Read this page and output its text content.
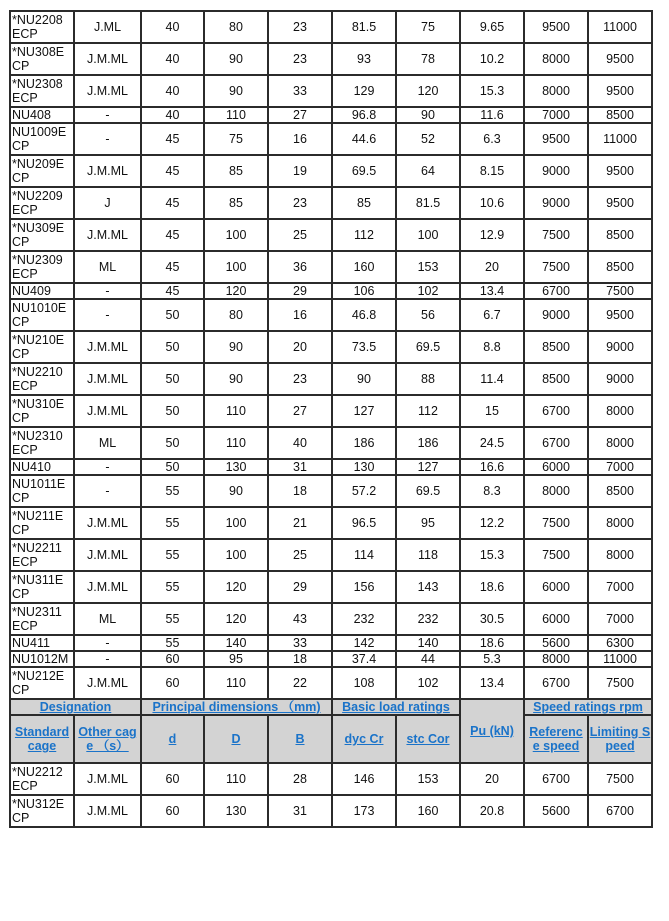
*NU2208 ECP	J.ML	40	80	23	81.5	75	9.65	9500	11000
*NU308E CP	J.M.ML	40	90	23	93	78	10.2	8000	9500
*NU2308 ECP	J.M.ML	40	90	33	129	120	15.3	8000	9500
NU408	-	40	110	27	96.8	90	11.6	7000	8500
NU1009E CP	-	45	75	16	44.6	52	6.3	9500	11000
*NU209E CP	J.M.ML	45	85	19	69.5	64	8.15	9000	9500
*NU2209 ECP	J	45	85	23	85	81.5	10.6	9000	9500
*NU309E CP	J.M.ML	45	100	25	112	100	12.9	7500	8500
*NU2309 ECP	ML	45	100	36	160	153	20	7500	8500
NU409	-	45	120	29	106	102	13.4	6700	7500
NU1010E CP	-	50	80	16	46.8	56	6.7	9000	9500
*NU210E CP	J.M.ML	50	90	20	73.5	69.5	8.8	8500	9000
*NU2210 ECP	J.M.ML	50	90	23	90	88	11.4	8500	9000
*NU310E CP	J.M.ML	50	110	27	127	112	15	6700	8000
*NU2310 ECP	ML	50	110	40	186	186	24.5	6700	8000
NU410	-	50	130	31	130	127	16.6	6000	7000
NU1011E CP	-	55	90	18	57.2	69.5	8.3	8000	8500
*NU211E CP	J.M.ML	55	100	21	96.5	95	12.2	7500	8000
*NU2211 ECP	J.M.ML	55	100	25	114	118	15.3	7500	8000
*NU311E CP	J.M.ML	55	120	29	156	143	18.6	6000	7000
*NU2311 ECP	ML	55	120	43	232	232	30.5	6000	7000
NU411	-	55	140	33	142	140	18.6	5600	6300
NU1012M	-	60	95	18	37.4	44	5.3	8000	11000
*NU212E CP	J.M.ML	60	110	22	108	102	13.4	6700	7500
Designation		Principal dimensions （mm)			Basic load ratings		Pu (kN)	Speed ratings rpm	
Standard cage	Other cage （s）	d	D	B	dyc Cr	stc Cor		Referenc e speed	Limiting Speed
*NU2212 ECP	J.M.ML	60	110	28	146	153	20	6700	7500
*NU312E CP	J.M.ML	60	130	31	173	160	20.8	5600	6700
